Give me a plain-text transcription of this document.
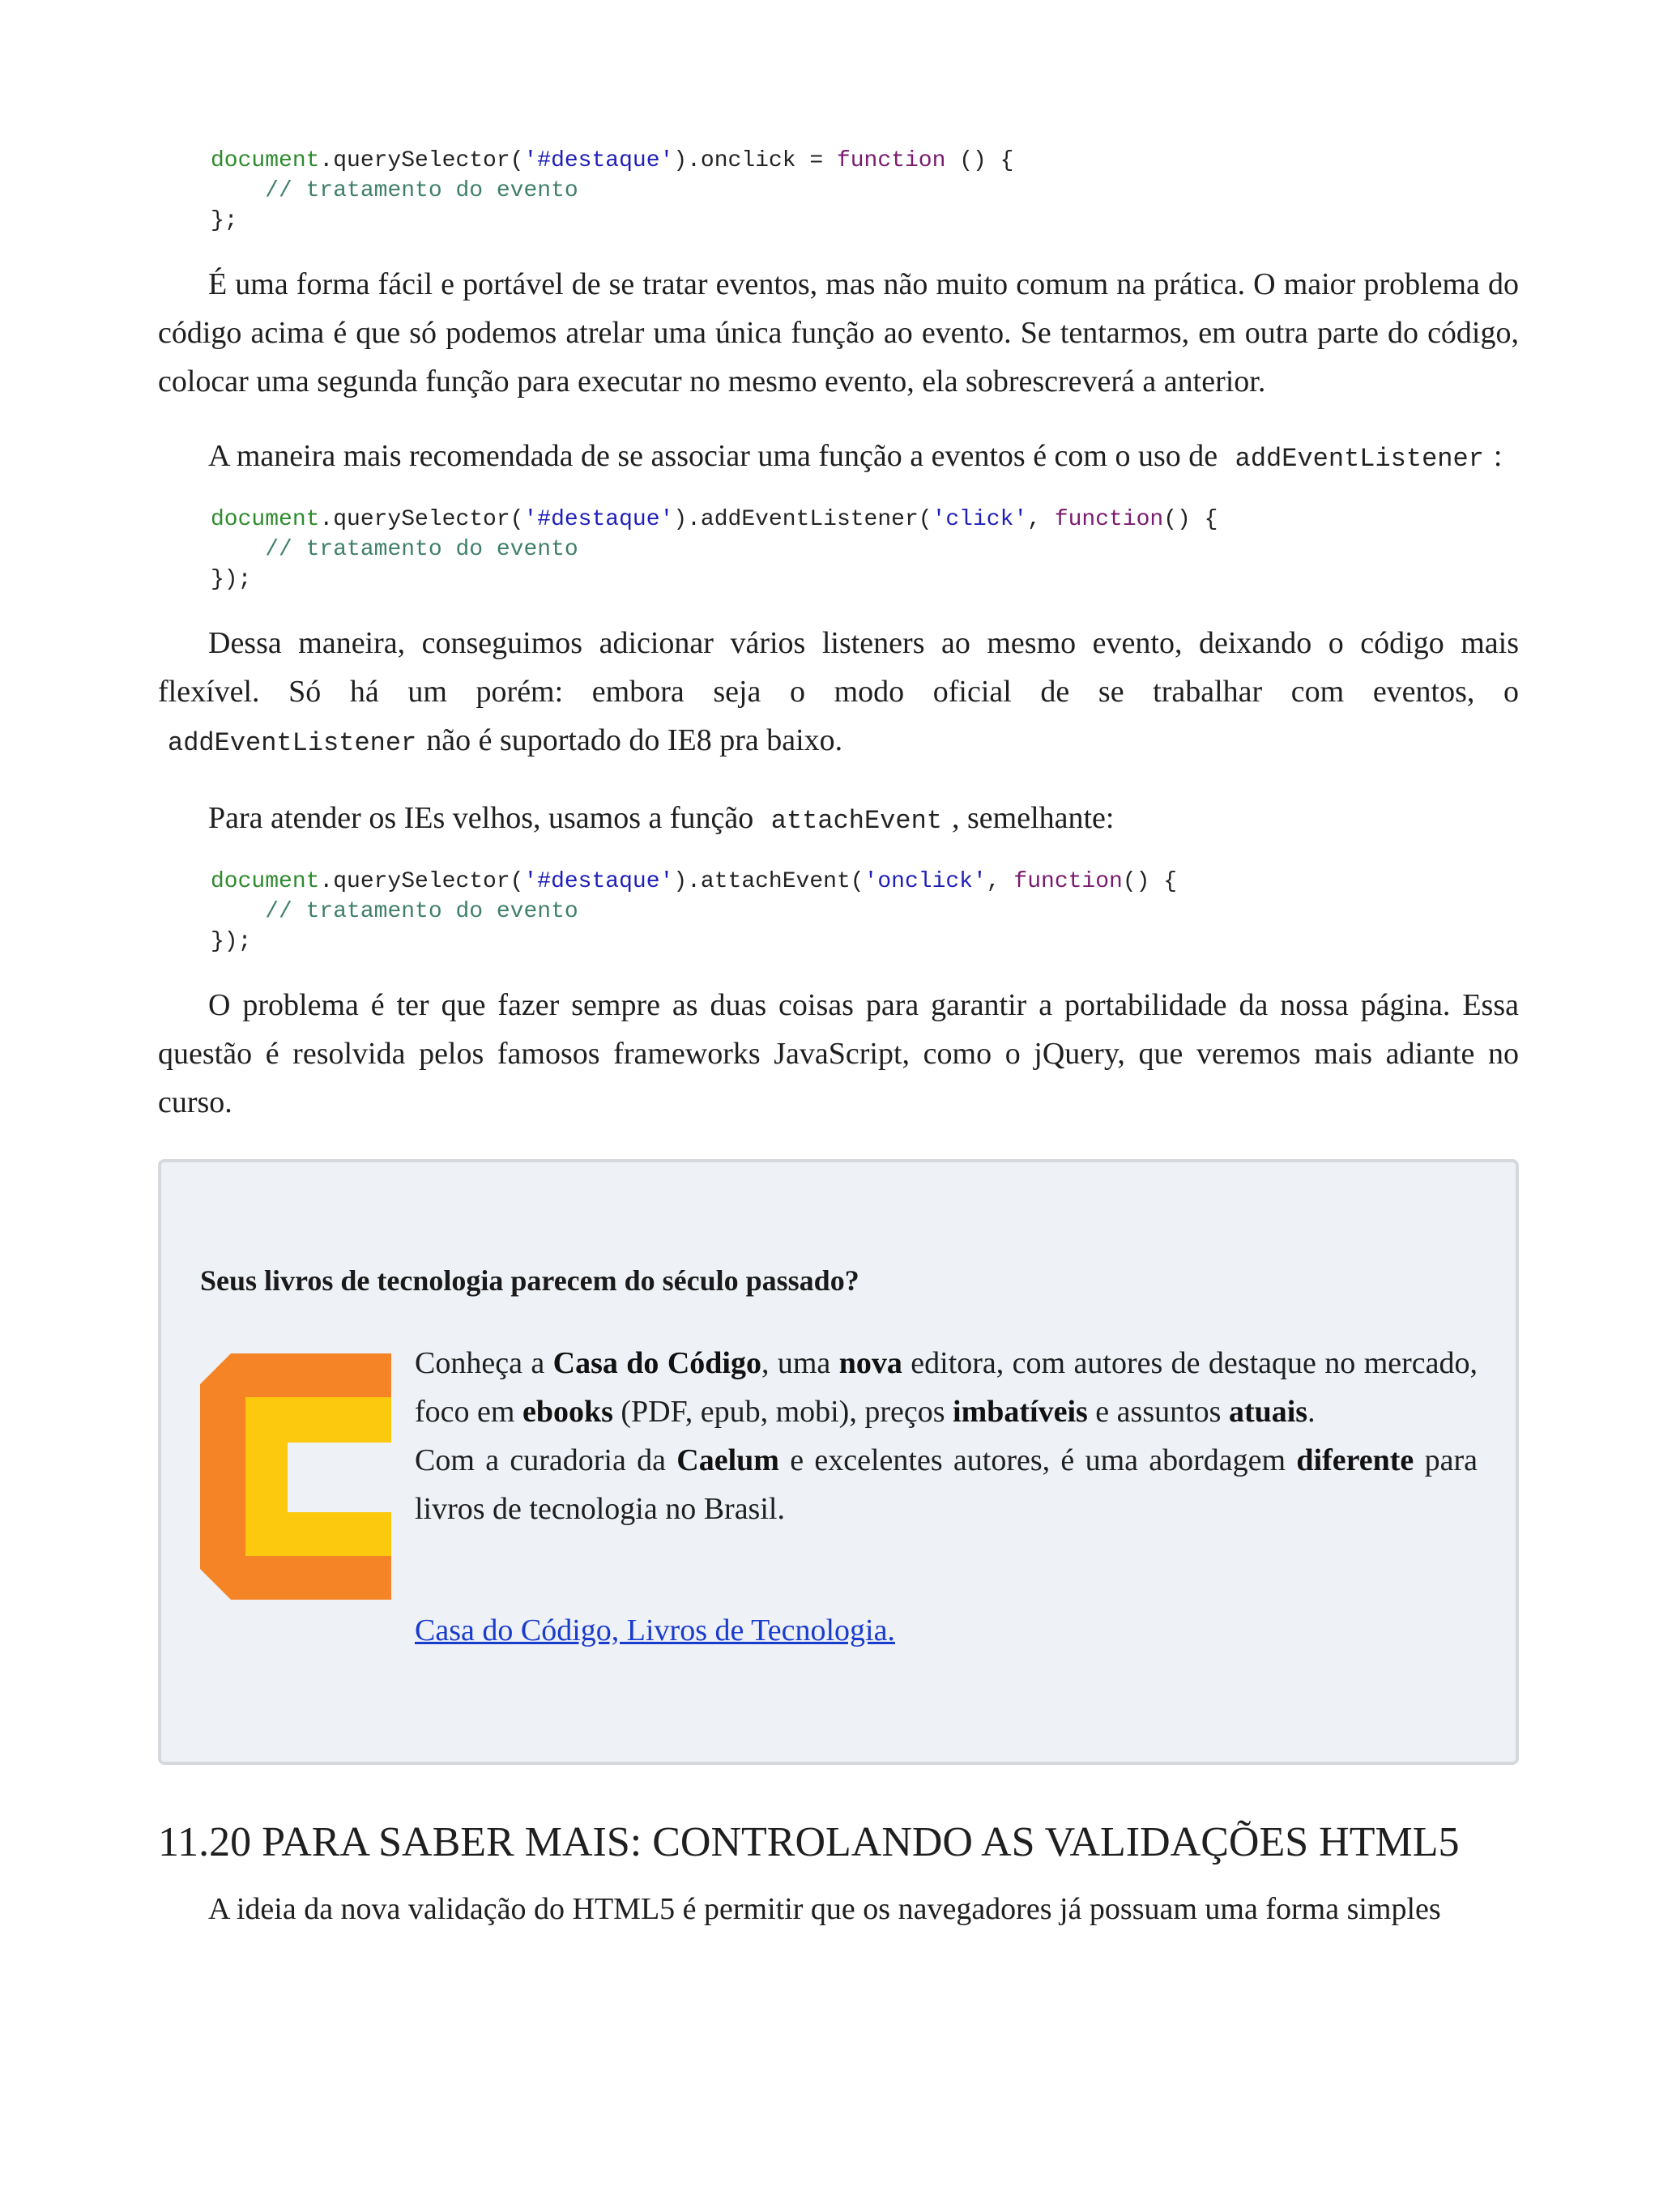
document.querySelector('#destaque').onclick = function () {
// tratamento do evento
};

É uma forma fácil e portável de se tratar eventos, mas não muito comum na prática. O maior problema do código acima é que só podemos atrelar uma única função ao evento. Se tentarmos, em outra parte do código, colocar uma segunda função para executar no mesmo evento, ela sobrescreverá a anterior.

A maneira mais recomendada de se associar uma função a eventos é com o uso de addEventListener :

document.querySelector('#destaque').addEventListener('click', function() {
// tratamento do evento
});

Dessa maneira, conseguimos adicionar vários listeners ao mesmo evento, deixando o código mais flexível. Só há um porém: embora seja o modo oficial de se trabalhar com eventos, o addEventListener não é suportado do IE8 pra baixo.

Para atender os IEs velhos, usamos a função attachEvent , semelhante:

document.querySelector('#destaque').attachEvent('onclick', function() {
// tratamento do evento
});

O problema é ter que fazer sempre as duas coisas para garantir a portabilidade da nossa página. Essa questão é resolvida pelos famosos frameworks JavaScript, como o jQuery, que veremos mais adiante no curso.

Seus livros de tecnologia parecem do século passado?

Conheça a Casa do Código, uma nova editora, com autores de destaque no mercado, foco em ebooks (PDF, epub, mobi), preços imbatíveis e assuntos atuais.

Com a curadoria da Caelum e excelentes autores, é uma abordagem diferente para livros de tecnologia no Brasil.

Casa do Código, Livros de Tecnologia.
11.20 PARA SABER MAIS: CONTROLANDO AS VALIDAÇÕES HTML5

A ideia da nova validação do HTML5 é permitir que os navegadores já possuam uma forma simples
